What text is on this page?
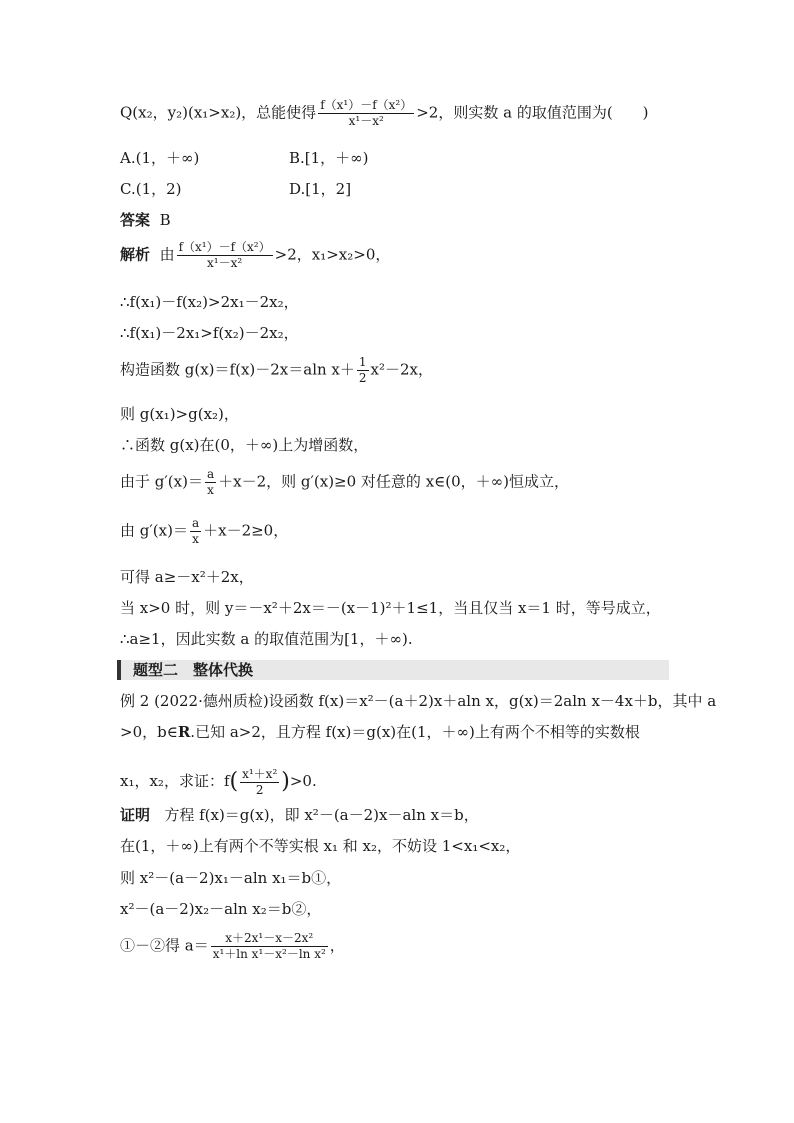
Q(x₂，y₂)(x₁>x₂)，总能使得 $\frac{\text{f（x¹）－f（x²）}}{\text{x¹－x²}} >2$，则实数 a 的取值范围为(　　)
A.(1，＋∞)	B.[1，＋∞)
C.(1，2)	D.[1，2]
答案 B
解析 由 $\frac{\text{f（x¹）－f（x²）}}{\text{x¹－x²}} >2$，x₁>x₂>0，
∴f(x₁)－f(x₂)>2x₁－2x₂，
∴f(x₁)－2x₁>f(x₂)－2x₂，
构造函数 g(x)＝f(x)－2x＝aln $x+ \frac{1}{2} x^2-2x$，
则 g(x₁)>g(x₂)，
∴函数 g(x)在(0，＋∞)上为增函数，
由于 $g'(x)= \frac{a}{x} +x-2$，则 g′(x)≥0 对任意的 x∈(0，＋∞)恒成立，
由 $g'(x)= \frac{a}{x} +x-2\ge 0$，
可得 a≥－x²＋2x，
当 x>0 时，则 y＝－x²＋2x＝－(x－1)²＋1≤1，当且仅当 x＝1 时，等号成立，
∴a≥1，因此实数 a 的取值范围为[1，＋∞).
题型二　整体代换
例 2 (2022·德州质检)设函数 f(x)＝x²－(a＋2)x＋aln x，g(x)＝2aln x－4x＋b，其中 a
>0，b∈R.已知 a>2，且方程 f(x)＝g(x)在(1，＋∞)上有两个不相等的实数根
x₁，x₂，求证：$f( \frac{\text{x¹＋x²}}{2} )>0$.
证明 方程 f(x)＝g(x)，即 x²－(a－2)x－aln x＝b，
在(1，＋∞)上有两个不等实根 x₁ 和 x₂，不妨设 1<x₁<x₂，
则 x²－(a－2)x₁－aln x₁＝b①，
x²－(a－2)x₂－aln x₂＝b②，
①－②得 $a= \frac{\text{x＋2x¹－x－2x²}}{\text{x¹＋ln x¹－x²－ln x²}}$ ，
